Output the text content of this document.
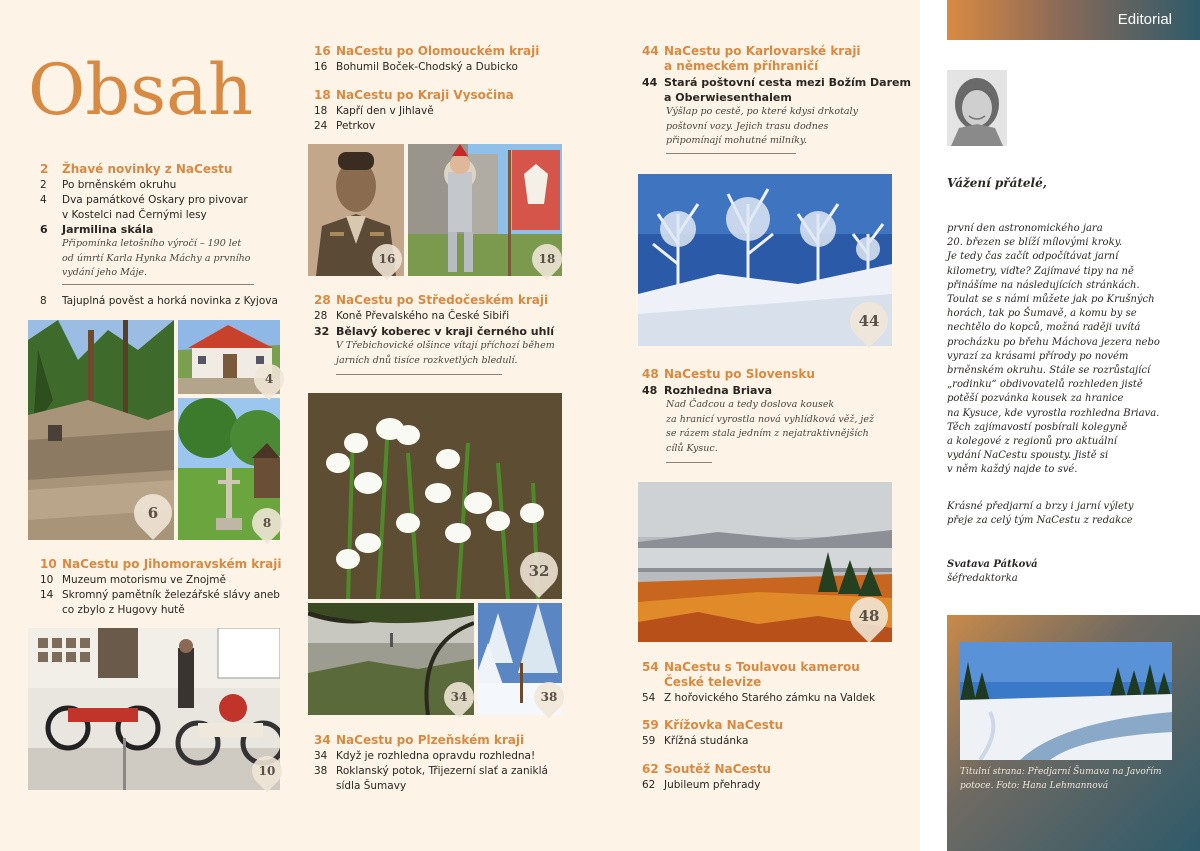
Obsah
2 Žhavé novinky z NaCestu
2 Po brněnském okruhu
4 Dva památkové Oskary pro pivovar
v Kostelci nad Černými lesy
6 Jarmilina skála
Připomínka letošního výročí – 190 let
od úmrtí Karla Hynka Máchy a prvního
vydání jeho Máje.
8 Tajuplná pověst a horká novinka z Kyjova
10 NaCestu po Jihomoravském kraji
10 Muzeum motorismu ve Znojmě
14 Skromný pamětník železářské slávy aneb
co zbylo z Hugovy hutě
16 NaCestu po Olomouckém kraji
16 Bohumil Boček-Chodský a Dubicko
18 NaCestu po Kraji Vysočina
18 Kapří den v Jihlavě
24 Petrkov
28 NaCestu po Středočeském kraji
28 Koně Převalského na České Sibiři
32 Bělavý koberec v kraji černého uhlí
V Třebichovické olšince vítají příchozí během
jarních dnů tisíce rozkvetlých bledulí.
34 NaCestu po Plzeňském kraji
34 Když je rozhledna opravdu rozhledna!
38 Roklanský potok, Třijezerní slať a zaniklá
sídla Šumavy
44 NaCestu po Karlovarské kraji
a německém příhraničí
44 Stará poštovní cesta mezi Božím Darem
a Oberwiesenthalem
Výšlap po cestě, po které kdysi drkotaly
poštovní vozy. Jejich trasu dodnes
připomínají mohutné milníky.
48 NaCestu po Slovensku
48 Rozhledna Briava
Nad Čadcou a tedy doslova kousek
za hranicí vyrostla nová vyhlídková věž, jež
se rázem stala jedním z nejatraktivnějších
cílů Kysuc.
54 NaCestu s Toulavou kamerou
České televize
54 Z hořovického Starého zámku na Valdek
59 Křížovka NaCestu
59 Křížná studánka
62 Soutěž NaCestu
62 Jubileum přehrady
4
6
8
10
16	18
32
34	38
44
48
Editorial
Vážení přátelé,
první den astronomického jara
20. březen se blíží mílovými kroky.
Je tedy čas začít odpočítávat jarní
kilometry, viďte? Zajímavé tipy na ně
přinášíme na následujících stránkách.
Toulat se s námi můžete jak po Krušných
horách, tak po Šumavě, a komu by se
nechtělo do kopců, možná raději uvítá
procházku po břehu Máchova jezera nebo
vyrazí za krásami přírody po novém
brněnském okruhu. Stále se rozrůstající
„rodinku“ obdivovatelů rozhleden jistě
potěší pozvánka kousek za hranice
na Kysuce, kde vyrostla rozhledna Briava.
Těch zajímavostí posbírali kolegyně
a kolegové z regionů pro aktuální
vydání NaCestu spousty. Jistě si
v něm každý najde to své.
Krásné předjarní a brzy i jarní výlety
přeje za celý tým NaCestu z redakce
Svatava Pátková
šéfredaktorka
Titulní strana: Předjarní Šumava na Javořím
potoce. Foto: Hana Lehmannová
